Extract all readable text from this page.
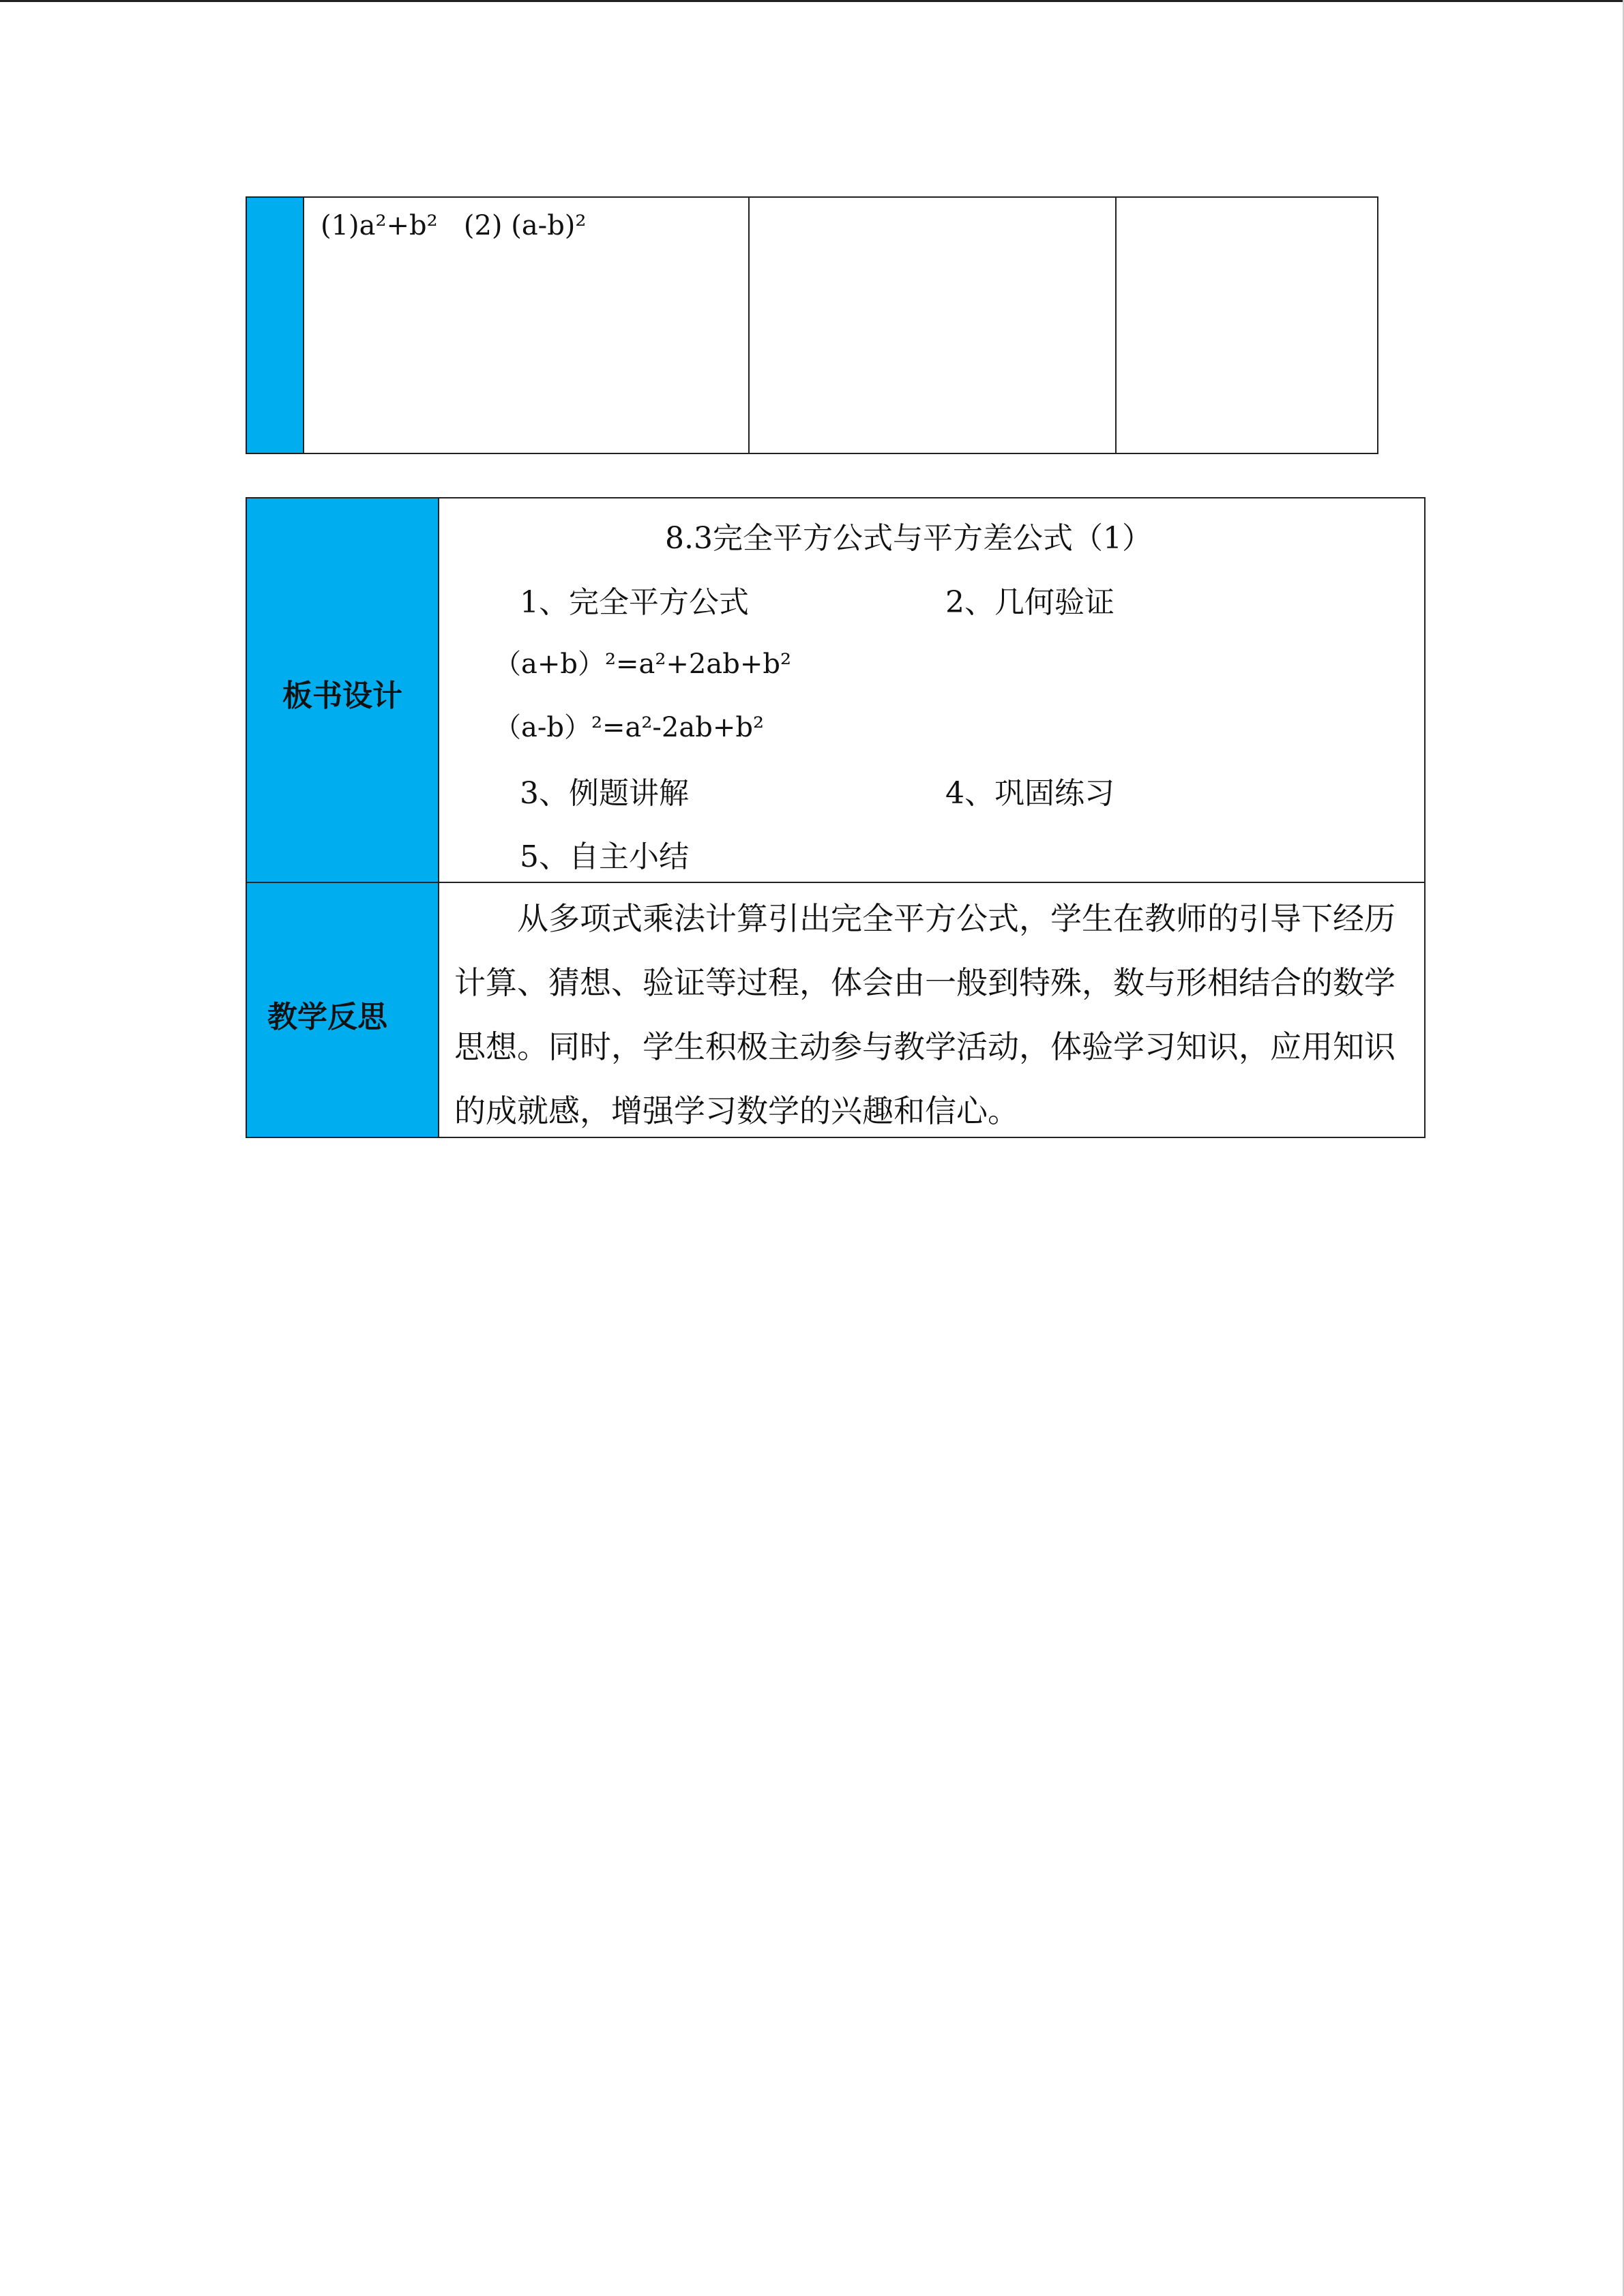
(1)a²+b²   (2) (a-b)²
板书设计
8.3完全平方公式与平方差公式（1）
1、完全平方公式	2、几何验证
（a+b）²=a²+2ab+b²
（a-b）²=a²-2ab+b²
3、例题讲解	4、巩固练习
5、自主小结
教学反思
从多项式乘法计算引出完全平方公式，学生在教师的引导下经历计算、猜想、验证等过程，体会由一般到特殊，数与形相结合的数学思想。同时，学生积极主动参与教学活动，体验学习知识，应用知识的成就感，增强学习数学的兴趣和信心。
